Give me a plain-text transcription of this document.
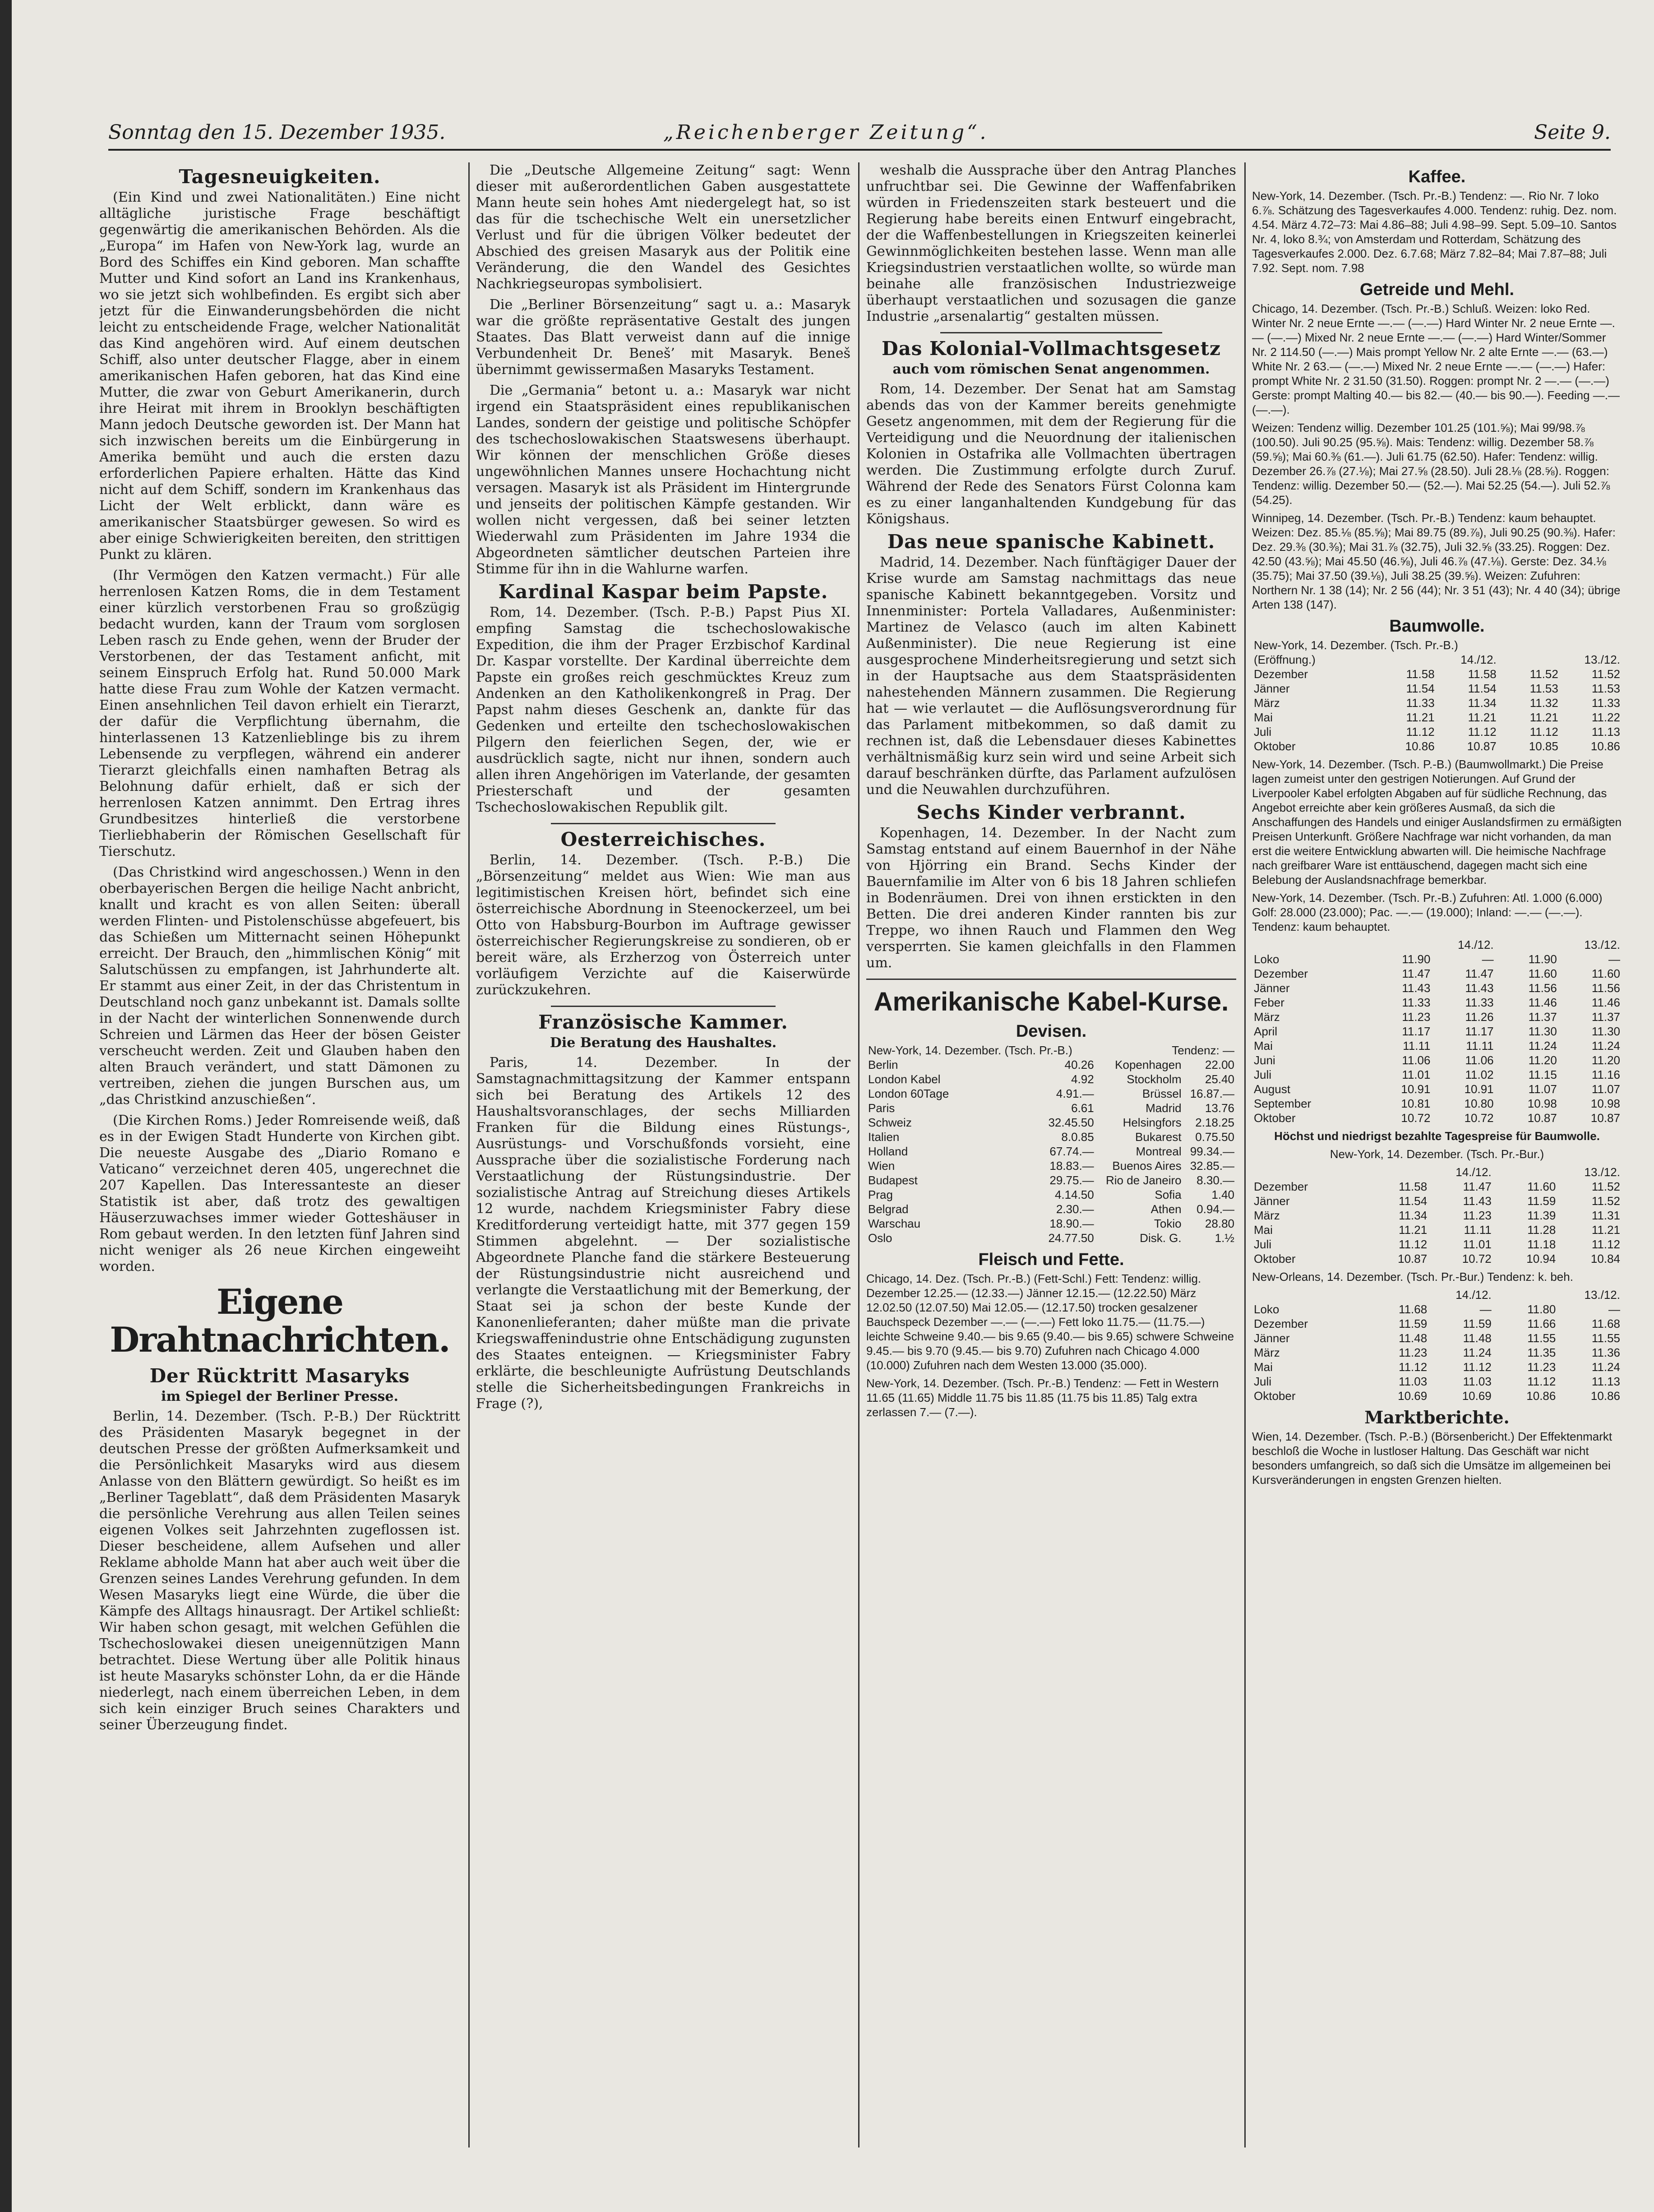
Sonntag den 15. Dezember 1935.	„Reichenberger Zeitung“.	Seite 9.
Tagesneuigkeiten.

(Ein Kind und zwei Nationalitäten.) Eine nicht alltägliche juristische Frage beschäftigt gegenwärtig die amerikanischen Behörden. Als die „Europa“ im Hafen von New-York lag, wurde an Bord des Schiffes ein Kind geboren. Man schaffte Mutter und Kind sofort an Land ins Krankenhaus, wo sie jetzt sich wohlbefinden. Es ergibt sich aber jetzt für die Einwanderungsbehörden die nicht leicht zu entscheidende Frage, welcher Nationalität das Kind angehören wird. Auf einem deutschen Schiff, also unter deutscher Flagge, aber in einem amerikanischen Hafen geboren, hat das Kind eine Mutter, die zwar von Geburt Amerikanerin, durch ihre Heirat mit ihrem in Brooklyn beschäftigten Mann jedoch Deutsche geworden ist. Der Mann hat sich inzwischen bereits um die Einbürgerung in Amerika bemüht und auch die ersten dazu erforderlichen Papiere erhalten. Hätte das Kind nicht auf dem Schiff, sondern im Krankenhaus das Licht der Welt erblickt, dann wäre es amerikanischer Staatsbürger gewesen. So wird es aber einige Schwierigkeiten bereiten, den strittigen Punkt zu klären.

(Ihr Vermögen den Katzen vermacht.) Für alle herrenlosen Katzen Roms, die in dem Testament einer kürzlich verstorbenen Frau so großzügig bedacht wurden, kann der Traum vom sorglosen Leben rasch zu Ende gehen, wenn der Bruder der Verstorbenen, der das Testament anficht, mit seinem Einspruch Erfolg hat. Rund 50.000 Mark hatte diese Frau zum Wohle der Katzen vermacht. Einen ansehnlichen Teil davon erhielt ein Tierarzt, der dafür die Verpflichtung übernahm, die hinterlassenen 13 Katzenlieblinge bis zu ihrem Lebensende zu verpflegen, während ein anderer Tierarzt gleichfalls einen namhaften Betrag als Belohnung dafür erhielt, daß er sich der herrenlosen Katzen annimmt. Den Ertrag ihres Grundbesitzes hinterließ die verstorbene Tierliebhaberin der Römischen Gesellschaft für Tierschutz.

(Das Christkind wird angeschossen.) Wenn in den oberbayerischen Bergen die heilige Nacht anbricht, knallt und kracht es von allen Seiten: überall werden Flinten- und Pistolenschüsse abgefeuert, bis das Schießen um Mitternacht seinen Höhepunkt erreicht. Der Brauch, den „himmlischen König“ mit Salutschüssen zu empfangen, ist Jahrhunderte alt. Er stammt aus einer Zeit, in der das Christentum in Deutschland noch ganz unbekannt ist. Damals sollte in der Nacht der winterlichen Sonnenwende durch Schreien und Lärmen das Heer der bösen Geister verscheucht werden. Zeit und Glauben haben den alten Brauch verändert, und statt Dämonen zu vertreiben, ziehen die jungen Burschen aus, um „das Christkind anzuschießen“.

(Die Kirchen Roms.) Jeder Romreisende weiß, daß es in der Ewigen Stadt Hunderte von Kirchen gibt. Die neueste Ausgabe des „Diario Romano e Vaticano“ verzeichnet deren 405, ungerechnet die 207 Kapellen. Das Interessanteste an dieser Statistik ist aber, daß trotz des gewaltigen Häuserzuwachses immer wieder Gotteshäuser in Rom gebaut werden. In den letzten fünf Jahren sind nicht weniger als 26 neue Kirchen eingeweiht worden.

Eigene Drahtnachrichten.
Der Rücktritt Masaryks
im Spiegel der Berliner Presse.

Berlin, 14. Dezember. (Tsch. P.-B.) Der Rücktritt des Präsidenten Masaryk begegnet in der deutschen Presse der größten Aufmerksamkeit und die Persönlichkeit Masaryks wird aus diesem Anlasse von den Blättern gewürdigt. So heißt es im „Berliner Tageblatt“, daß dem Präsidenten Masaryk die persönliche Verehrung aus allen Teilen seines eigenen Volkes seit Jahrzehnten zugeflossen ist. Dieser bescheidene, allem Aufsehen und aller Reklame abholde Mann hat aber auch weit über die Grenzen seines Landes Verehrung gefunden. In dem Wesen Masaryks liegt eine Würde, die über die Kämpfe des Alltags hinausragt. Der Artikel schließt: Wir haben schon gesagt, mit welchen Gefühlen die Tschechoslowakei diesen uneigennützigen Mann betrachtet. Diese Wertung über alle Politik hinaus ist heute Masaryks schönster Lohn, da er die Hände niederlegt, nach einem überreichen Leben, in dem sich kein einziger Bruch seines Charakters und seiner Überzeugung findet.

Die „Deutsche Allgemeine Zeitung“ sagt: Wenn dieser mit außerordentlichen Gaben ausgestattete Mann heute sein hohes Amt niedergelegt hat, so ist das für die tschechische Welt ein unersetzlicher Verlust und für die übrigen Völker bedeutet der Abschied des greisen Masaryk aus der Politik eine Veränderung, die den Wandel des Gesichtes Nachkriegseuropas symbolisiert.

Die „Berliner Börsenzeitung“ sagt u. a.: Masaryk war die größte repräsentative Gestalt des jungen Staates. Das Blatt verweist dann auf die innige Verbundenheit Dr. Beneš’ mit Masaryk. Beneš übernimmt gewissermaßen Masaryks Testament.

Die „Germania“ betont u. a.: Masaryk war nicht irgend ein Staatspräsident eines republikanischen Landes, sondern der geistige und politische Schöpfer des tschechoslowakischen Staatswesens überhaupt. Wir können der menschlichen Größe dieses ungewöhnlichen Mannes unsere Hochachtung nicht versagen. Masaryk ist als Präsident im Hintergrunde und jenseits der politischen Kämpfe gestanden. Wir wollen nicht vergessen, daß bei seiner letzten Wiederwahl zum Präsidenten im Jahre 1934 die Abgeordneten sämtlicher deutschen Parteien ihre Stimme für ihn in die Wahlurne warfen.

Kardinal Kaspar beim Papste.

Rom, 14. Dezember. (Tsch. P.-B.) Papst Pius XI. empfing Samstag die tschechoslowakische Expedition, die ihm der Prager Erzbischof Kardinal Dr. Kaspar vorstellte. Der Kardinal überreichte dem Papste ein großes reich geschmücktes Kreuz zum Andenken an den Katholikenkongreß in Prag. Der Papst nahm dieses Geschenk an, dankte für das Gedenken und erteilte den tschechoslowakischen Pilgern den feierlichen Segen, der, wie er ausdrücklich sagte, nicht nur ihnen, sondern auch allen ihren Angehörigen im Vaterlande, der gesamten Priesterschaft und der gesamten Tschechoslowakischen Republik gilt.

Oesterreichisches.

Berlin, 14. Dezember. (Tsch. P.-B.) Die „Börsenzeitung“ meldet aus Wien: Wie man aus legitimistischen Kreisen hört, befindet sich eine österreichische Abordnung in Steenockerzeel, um bei Otto von Habsburg-Bourbon im Auftrage gewisser österreichischer Regierungskreise zu sondieren, ob er bereit wäre, als Erzherzog von Österreich unter vorläufigem Verzichte auf die Kaiserwürde zurückzukehren.

Französische Kammer.
Die Beratung des Haushaltes.

Paris, 14. Dezember. In der Samstagnachmittagsitzung der Kammer entspann sich bei Beratung des Artikels 12 des Haushaltsvoranschlages, der sechs Milliarden Franken für die Bildung eines Rüstungs-, Ausrüstungs- und Vorschußfonds vorsieht, eine Aussprache über die sozialistische Forderung nach Verstaatlichung der Rüstungsindustrie. Der sozialistische Antrag auf Streichung dieses Artikels 12 wurde, nachdem Kriegsminister Fabry diese Kreditforderung verteidigt hatte, mit 377 gegen 159 Stimmen abgelehnt. — Der sozialistische Abgeordnete Planche fand die stärkere Besteuerung der Rüstungsindustrie nicht ausreichend und verlangte die Verstaatlichung mit der Bemerkung, der Staat sei ja schon der beste Kunde der Kanonenlieferanten; daher müßte man die private Kriegswaffenindustrie ohne Entschädigung zugunsten des Staates enteignen. — Kriegsminister Fabry erklärte, die beschleunigte Aufrüstung Deutschlands stelle die Sicherheitsbedingungen Frankreichs in Frage (?),

weshalb die Aussprache über den Antrag Planches unfruchtbar sei. Die Gewinne der Waffenfabriken würden in Friedenszeiten stark besteuert und die Regierung habe bereits einen Entwurf eingebracht, der die Waffenbestellungen in Kriegszeiten keinerlei Gewinnmöglichkeiten bestehen lasse. Wenn man alle Kriegsindustrien verstaatlichen wollte, so würde man beinahe alle französischen Industriezweige überhaupt verstaatlichen und sozusagen die ganze Industrie „arsenalartig“ gestalten müssen.

Das Kolonial-Vollmachtsgesetz
auch vom römischen Senat angenommen.

Rom, 14. Dezember. Der Senat hat am Samstag abends das von der Kammer bereits genehmigte Gesetz angenommen, mit dem der Regierung für die Verteidigung und die Neuordnung der italienischen Kolonien in Ostafrika alle Vollmachten übertragen werden. Die Zustimmung erfolgte durch Zuruf. Während der Rede des Senators Fürst Colonna kam es zu einer langanhaltenden Kundgebung für das Königshaus.

Das neue spanische Kabinett.

Madrid, 14. Dezember. Nach fünftägiger Dauer der Krise wurde am Samstag nachmittags das neue spanische Kabinett bekanntgegeben. Vorsitz und Innenminister: Portela Valladares, Außenminister: Martinez de Velasco (auch im alten Kabinett Außenminister). Die neue Regierung ist eine ausgesprochene Minderheitsregierung und setzt sich in der Hauptsache aus dem Staatspräsidenten nahestehenden Männern zusammen. Die Regierung hat — wie verlautet — die Auflösungsverordnung für das Parlament mitbekommen, so daß damit zu rechnen ist, daß die Lebensdauer dieses Kabinettes verhältnismäßig kurz sein wird und seine Arbeit sich darauf beschränken dürfte, das Parlament aufzulösen und die Neuwahlen durchzuführen.

Sechs Kinder verbrannt.

Kopenhagen, 14. Dezember. In der Nacht zum Samstag entstand auf einem Bauernhof in der Nähe von Hjörring ein Brand. Sechs Kinder der Bauernfamilie im Alter von 6 bis 18 Jahren schliefen in Bodenräumen. Drei von ihnen erstickten in den Betten. Die drei anderen Kinder rannten bis zur Treppe, wo ihnen Rauch und Flammen den Weg versperrten. Sie kamen gleichfalls in den Flammen um.

Amerikanische Kabel-Kurse.
Devisen.
New-York, 14. Dezember. (Tsch. Pr.-B.)		Tendenz: —	
Berlin	40.26	Kopenhagen	22.00
London Kabel	4.92	Stockholm	25.40
London 60Tage	4.91.—	Brüssel	16.87.—
Paris	6.61	Madrid	13.76
Schweiz	32.45.50	Helsingfors	2.18.25
Italien	8.0.85	Bukarest	0.75.50
Holland	67.74.—	Montreal	99.34.—
Wien	18.83.—	Buenos Aires	32.85.—
Budapest	29.75.—	Rio de Janeiro	8.30.—
Prag	4.14.50	Sofia	1.40
Belgrad	2.30.—	Athen	0.94.—
Warschau	18.90.—	Tokio	28.80
Oslo	24.77.50	Disk. G.	1.½
Fleisch und Fette.

Chicago, 14. Dez. (Tsch. Pr.-B.) (Fett-Schl.) Fett: Tendenz: willig. Dezember 12.25.— (12.33.—) Jänner 12.15.— (12.22.50) März 12.02.50 (12.07.50) Mai 12.05.— (12.17.50) trocken gesalzener Bauchspeck Dezember —.— (—.—) Fett loko 11.75.— (11.75.—) leichte Schweine 9.40.— bis 9.65 (9.40.— bis 9.65) schwere Schweine 9.45.— bis 9.70 (9.45.— bis 9.70) Zufuhren nach Chicago 4.000 (10.000) Zufuhren nach dem Westen 13.000 (35.000).

New-York, 14. Dezember. (Tsch. Pr.-B.) Tendenz: — Fett in Western 11.65 (11.65) Middle 11.75 bis 11.85 (11.75 bis 11.85) Talg extra zerlassen 7.— (7.—).

Kaffee.

New-York, 14. Dezember. (Tsch. Pr.-B.) Tendenz: —. Rio Nr. 7 loko 6.⅞. Schätzung des Tagesverkaufes 4.000. Tendenz: ruhig. Dez. nom. 4.54. März 4.72–73: Mai 4.86–88; Juli 4.98–99. Sept. 5.09–10. Santos Nr. 4, loko 8.¾; von Amsterdam und Rotterdam, Schätzung des Tagesverkaufes 2.000. Dez. 6.7.68; März 7.82–84; Mai 7.87–88; Juli 7.92. Sept. nom. 7.98

Getreide und Mehl.

Chicago, 14. Dezember. (Tsch. Pr.-B.) Schluß. Weizen: loko Red. Winter Nr. 2 neue Ernte —.— (—.—) Hard Winter Nr. 2 neue Ernte —.— (—.—) Mixed Nr. 2 neue Ernte —.— (—.—) Hard Winter/Sommer Nr. 2 114.50 (—.—) Mais prompt Yellow Nr. 2 alte Ernte —.— (63.—) White Nr. 2 63.— (—.—) Mixed Nr. 2 neue Ernte —.— (—.—) Hafer: prompt White Nr. 2 31.50 (31.50). Roggen: prompt Nr. 2 —.— (—.—) Gerste: prompt Malting 40.— bis 82.— (40.— bis 90.—). Feeding —.— (—.—).

Weizen: Tendenz willig. Dezember 101.25 (101.⅝); Mai 99/98.⅞ (100.50). Juli 90.25 (95.⅝). Mais: Tendenz: willig. Dezember 58.⅞ (59.⅝); Mai 60.⅜ (61.—). Juli 61.75 (62.50). Hafer: Tendenz: willig. Dezember 26.⅞ (27.⅛); Mai 27.⅝ (28.50). Juli 28.⅛ (28.⅝). Roggen: Tendenz: willig. Dezember 50.— (52.—). Mai 52.25 (54.—). Juli 52.⅞ (54.25).

Winnipeg, 14. Dezember. (Tsch. Pr.-B.) Tendenz: kaum behauptet. Weizen: Dez. 85.⅛ (85.⅝); Mai 89.75 (89.⅞), Juli 90.25 (90.⅜). Hafer: Dez. 29.⅜ (30.⅜); Mai 31.⅞ (32.75), Juli 32.⅝ (33.25). Roggen: Dez. 42.50 (43.⅝); Mai 45.50 (46.⅝), Juli 46.⅞ (47.⅛). Gerste: Dez. 34.⅛ (35.75); Mai 37.50 (39.⅛), Juli 38.25 (39.⅝). Weizen: Zufuhren: Northern Nr. 1 38 (14); Nr. 2 56 (44); Nr. 3 51 (43); Nr. 4 40 (34); übrige Arten 138 (147).

Baumwolle.
New-York, 14. Dezember. (Tsch. Pr.-B.)				
(Eröffnung.)	14./12.		13./12.	
Dezember	11.58	11.58	11.52	11.52
Jänner	11.54	11.54	11.53	11.53
März	11.33	11.34	11.32	11.33
Mai	11.21	11.21	11.21	11.22
Juli	11.12	11.12	11.12	11.13
Oktober	10.86	10.87	10.85	10.86

New-York, 14. Dezember. (Tsch. P.-B.) (Baumwollmarkt.) Die Preise lagen zumeist unter den gestrigen Notierungen. Auf Grund der Liverpooler Kabel erfolgten Abgaben auf für südliche Rechnung, das Angebot erreichte aber kein größeres Ausmaß, da sich die Anschaffungen des Handels und einiger Auslandsfirmen zu ermäßigten Preisen Unterkunft. Größere Nachfrage war nicht vorhanden, da man erst die weitere Entwicklung abwarten will. Die heimische Nachfrage nach greifbarer Ware ist enttäuschend, dagegen macht sich eine Belebung der Auslandsnachfrage bemerkbar.

New-York, 14. Dezember. (Tsch. Pr.-B.) Zufuhren: Atl. 1.000 (6.000) Golf: 28.000 (23.000); Pac. —.— (19.000); Inland: —.— (—.—). Tendenz: kaum behauptet.

	14./12.		13./12.	
Loko	11.90	—	11.90	—
Dezember	11.47	11.47	11.60	11.60
Jänner	11.43	11.43	11.56	11.56
Feber	11.33	11.33	11.46	11.46
März	11.23	11.26	11.37	11.37
April	11.17	11.17	11.30	11.30
Mai	11.11	11.11	11.24	11.24
Juni	11.06	11.06	11.20	11.20
Juli	11.01	11.02	11.15	11.16
August	10.91	10.91	11.07	11.07
September	10.81	10.80	10.98	10.98
Oktober	10.72	10.72	10.87	10.87

Höchst und niedrigst bezahlte Tagespreise für Baumwolle.

New-York, 14. Dezember. (Tsch. Pr.-Bur.)

	14./12.		13./12.	
Dezember	11.58	11.47	11.60	11.52
Jänner	11.54	11.43	11.59	11.52
März	11.34	11.23	11.39	11.31
Mai	11.21	11.11	11.28	11.21
Juli	11.12	11.01	11.18	11.12
Oktober	10.87	10.72	10.94	10.84

New-Orleans, 14. Dezember. (Tsch. Pr.-Bur.) Tendenz: k. beh.

	14./12.		13./12.	
Loko	11.68	—	11.80	—
Dezember	11.59	11.59	11.66	11.68
Jänner	11.48	11.48	11.55	11.55
März	11.23	11.24	11.35	11.36
Mai	11.12	11.12	11.23	11.24
Juli	11.03	11.03	11.12	11.13
Oktober	10.69	10.69	10.86	10.86
Marktberichte.

Wien, 14. Dezember. (Tsch. P.-B.) (Börsenbericht.) Der Effektenmarkt beschloß die Woche in lustloser Haltung. Das Geschäft war nicht besonders umfangreich, so daß sich die Umsätze im allgemeinen bei Kursveränderungen in engsten Grenzen hielten.
